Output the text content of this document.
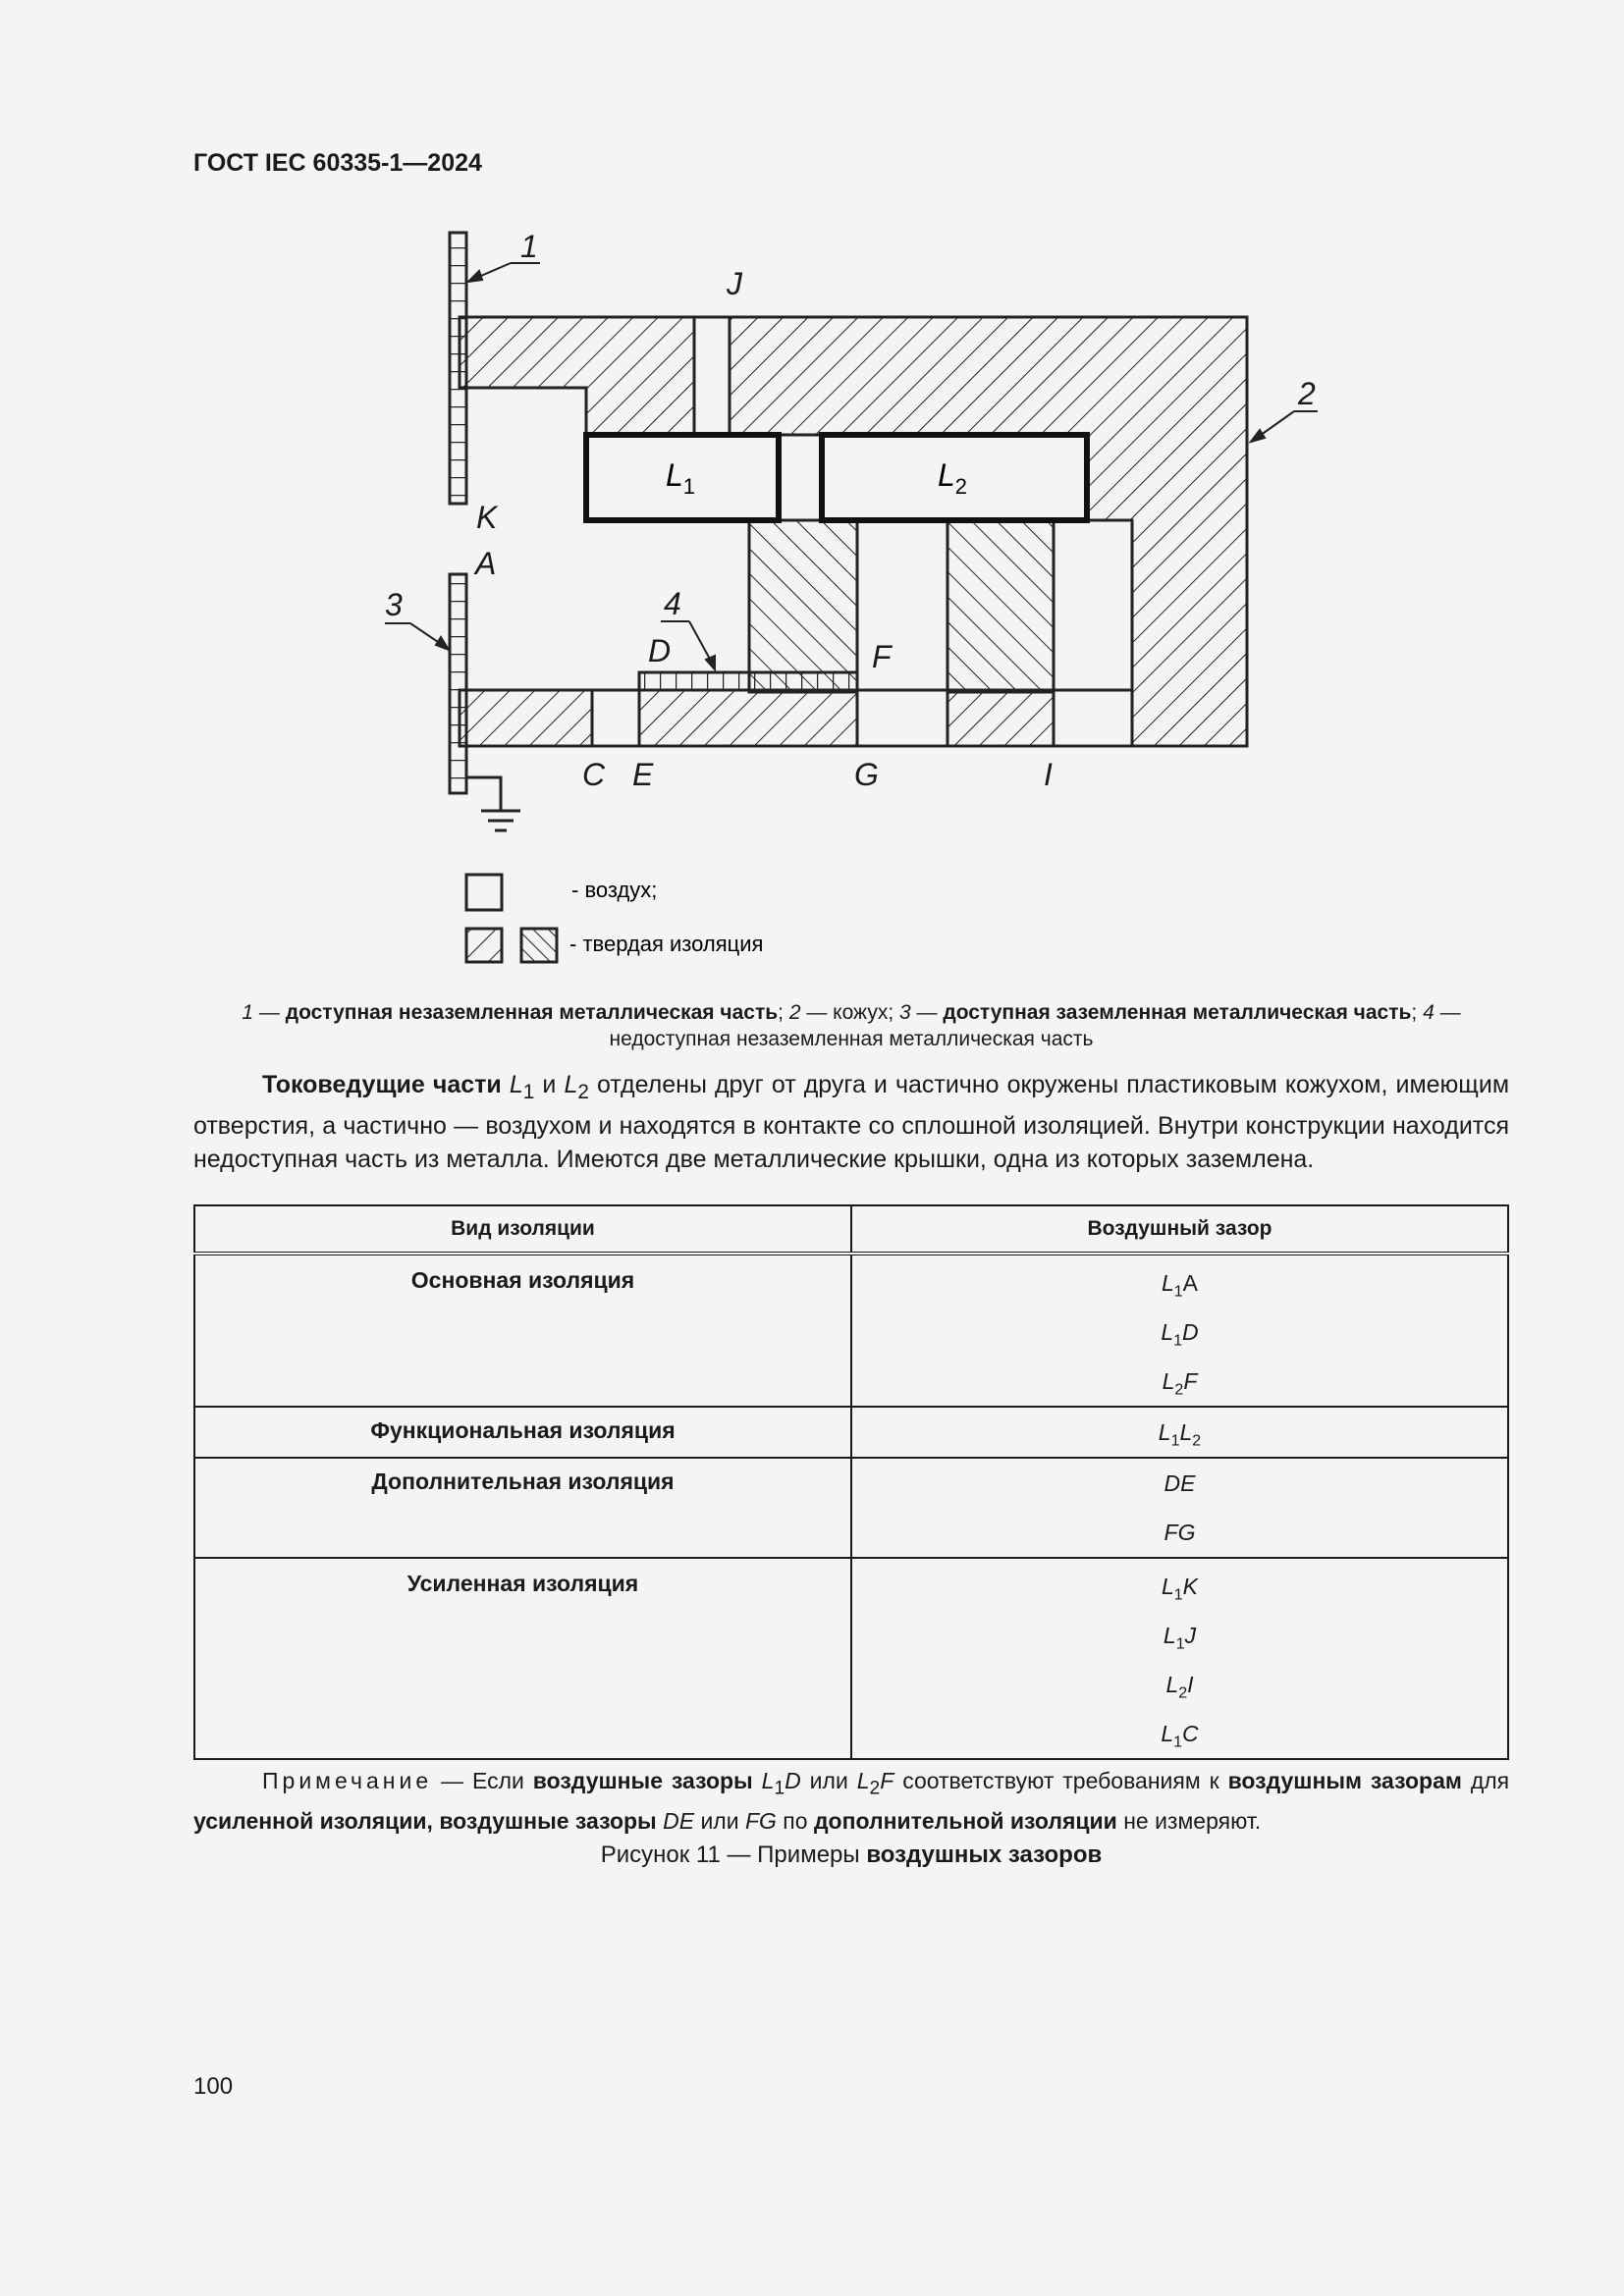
ГОСТ IEC 60335-1—2024
$L_1$	$L_2$
1
2
3	4
J
K
A
D	F
C E	G	I
- воздух;
- твердая изоляция
1 — доступная незаземленная металлическая часть; 2 — кожух; 3 — доступная заземленная металлическая часть; 4 — недоступная незаземленная металлическая часть
Токоведущие части $L_1$ и $L_2$ отделены друг от друга и частично окружены пластиковым кожухом, имеющим отверстия, а частично — воздухом и находятся в контакте со сплошной изоляцией. Внутри конструкции находится недоступная часть из металла. Имеются две металлические крышки, одна из которых заземлена.
Вид изоляции	Воздушный зазор
Основная изоляция	$L_1A$
$L_1D$
$L_2F$

Функциональная изоляция	$L_1L_2$

Дополнительная изоляция	DE
FG

Усиленная изоляция	$L_1K$
$L_1J$
$L_2I$
$L_1C$
Примечание — Если воздушные зазоры $L_1D$ или $L_2F$ соответствуют требованиям к воздушным зазорам для усиленной изоляции, воздушные зазоры DE или FG по дополнительной изоляции не измеряют.
Рисунок 11 — Примеры воздушных зазоров
100
